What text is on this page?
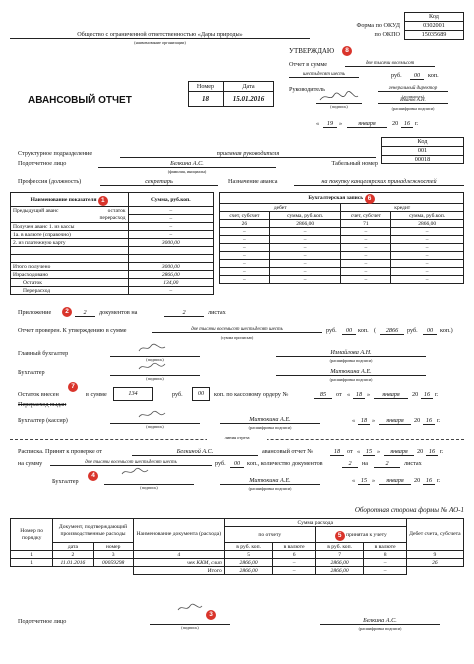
Код
Форма по ОКУД	0302001
по ОКПО	15035689
Общество с ограниченной ответственностью «Дары природы»
(наименование организации)
УТВЕРЖДАЮ	8
Отчет в сумме	две тысячи восемьсот
шестьдесят шесть	руб.	00	коп.
Руководитель	генеральный директор
(должность)
Иванов А.Н.
(подпись)	(расшифровка подписи)
«	19 »	января	20 16 г.
АВАНСОВЫЙ ОТЧЕТ
Номер	Дата
18	15.01.2016
Код
Структурное подразделение	приемная руководителя	001
Подотчетное лицо	Белкина А.С.
(фамилия, инициалы)
Табельный номер
00018
Профессия (должность)	секретарь	Назначение аванса	на покупку канцелярских принадлежностей
Наименование показателя 1	Сумма, руб.коп.
Предыдущий аванс остаток	–

перерасход	–
Получен аванс 1. из кассы	–
1а. в валюте (справочно)	–
2. из платежную карту	3000,00

Итого получено	3000,00
Израсходовано	2866,00
Остаток	134,00
Перерасход	–
Бухгалтерская запись 6			
дебет		кредит	
счет, субсчет	сумма, руб.коп.	счет, субсчет	сумма, руб.коп.
26	2866,00	71	2866,00
–	–	–	–
–	–	–	–
–	–	–	–
–	–	–	–
–	–	–	–
–	–	–	–
–	–	–	–
Приложение	2	2	документов на	2	листах
Отчет проверен. К утверждению в сумме	две тысячи восемьсот шестьдесят шесть
(сумма прописью)
руб.	00 коп. (	2866	руб.	00	коп.)
Главный бухгалтер
(подпись)
Измайлова А.Н.
(расшифровка подписи)
Бухгалтер
(подпись)
Митюкина А.Е.
(расшифровка подписи)
Остаток внесен
7
Перерасход выдан
в сумме	134	руб.	00	коп. по кассовому ордеру №	85	от « 18 »	января	20 16 г.
Бухгалтер (кассир)
(подпись)
Митюкина А.Е.
(расшифровка подписи)
« 18 »	января	20 16 г.
линия отреза
Расписка. Принят к проверке от	Белкиной А.С.	авансовый отчет №	18	от « 15 »	января	20 16 г.
на сумму	две тысячи восемьсот шестьдесят шесть	руб.	00	коп., количество документов	2	на	2	листах
Бухгалтер
4
(подпись)
Митюкина А.Е.
(расшифровка подписи)
« 15 »	января	20 16 г.
Оборотная сторона формы № АО-1
Номер по порядку	Документ, подтверждающий производственные расходы		Наименование документа (расхода)	Сумма расхода				Дебет счета, субсчета
				по отчету		5 принятая к учету		
	дата	номер		в руб. коп.	в валюте	в руб. коп.	в валюте	
1	2	3	4	5	6	7	8	9
1	11.01.2016	00059298	чек ККМ, слип	2866,00	–	2866,00	–	26
			Итого	2866,00	–	2866,00	–	
Подотчетное лицо
3
(подпись)
Белкина А.С.
(расшифровка подписи)
